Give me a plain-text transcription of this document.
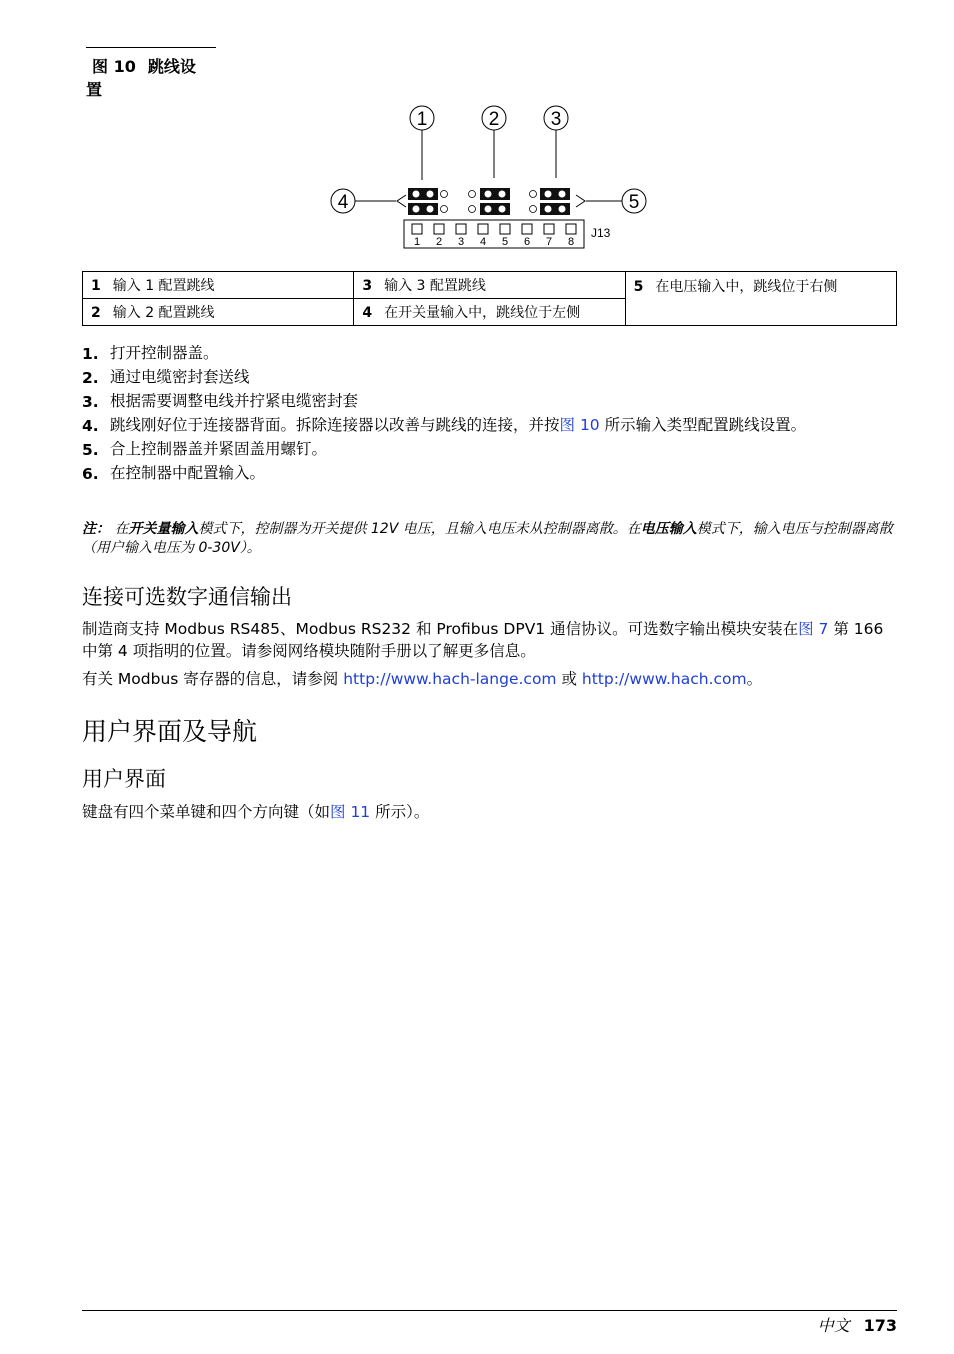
图 10 跳线设置
1	2	3
4	5
1 2 3 4 5 6 7 8
J13
1 输入 1 配置跳线	3 输入 3 配置跳线	5 在电压输入中，跳线位于右侧
2 输入 2 配置跳线	4 在开关量输入中，跳线位于左侧	
1. 打开控制器盖。
2. 通过电缆密封套送线
3. 根据需要调整电线并拧紧电缆密封套
4. 跳线刚好位于连接器背面。拆除连接器以改善与跳线的连接，并按图 10 所示输入类型配置跳线设置。
5. 合上控制器盖并紧固盖用螺钉。
6. 在控制器中配置输入。
注： 在开关量输入模式下，控制器为开关提供 12V 电压，且输入电压未从控制器离散。在电压输入模式下，输入电压与控制器离散（用户输入电压为 0-30V）。
连接可选数字通信输出
制造商支持 Modbus RS485、Modbus RS232 和 Profibus DPV1 通信协议。可选数字输出模块安装在图 7 第 166 中第 4 项指明的位置。请参阅网络模块随附手册以了解更多信息。
有关 Modbus 寄存器的信息，请参阅 http://www.hach-lange.com 或 http://www.hach.com。
用户界面及导航
用户界面
键盘有四个菜单键和四个方向键（如图 11 所示）。
中文 173
